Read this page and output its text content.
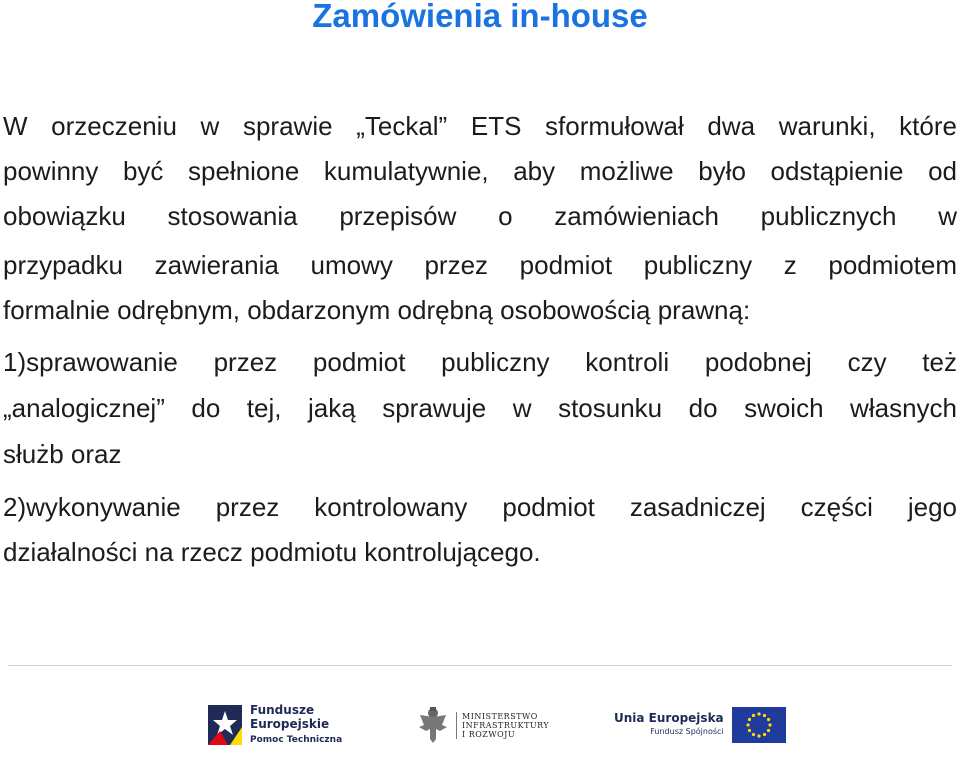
Zamówienia in-house
W orzeczeniu w sprawie „Teckal” ETS sformułował dwa warunki, które
powinny być spełnione kumulatywnie, aby możliwe było odstąpienie od
obowiązku stosowania przepisów o zamówieniach publicznych w
przypadku zawierania umowy przez podmiot publiczny z podmiotem
formalnie odrębnym, obdarzonym odrębną osobowością prawną:
1)sprawowanie przez podmiot publiczny kontroli podobnej czy też
„analogicznej” do tej, jaką sprawuje w stosunku do swoich własnych
służb oraz
2)wykonywanie przez kontrolowany podmiot zasadniczej części jego
działalności na rzecz podmiotu kontrolującego.
Fundusze
Europejskie
Pomoc Techniczna
MINISTERSTWO
INFRASTRUKTURY
I ROZWOJU
Unia Europejska
Fundusz Spójności
